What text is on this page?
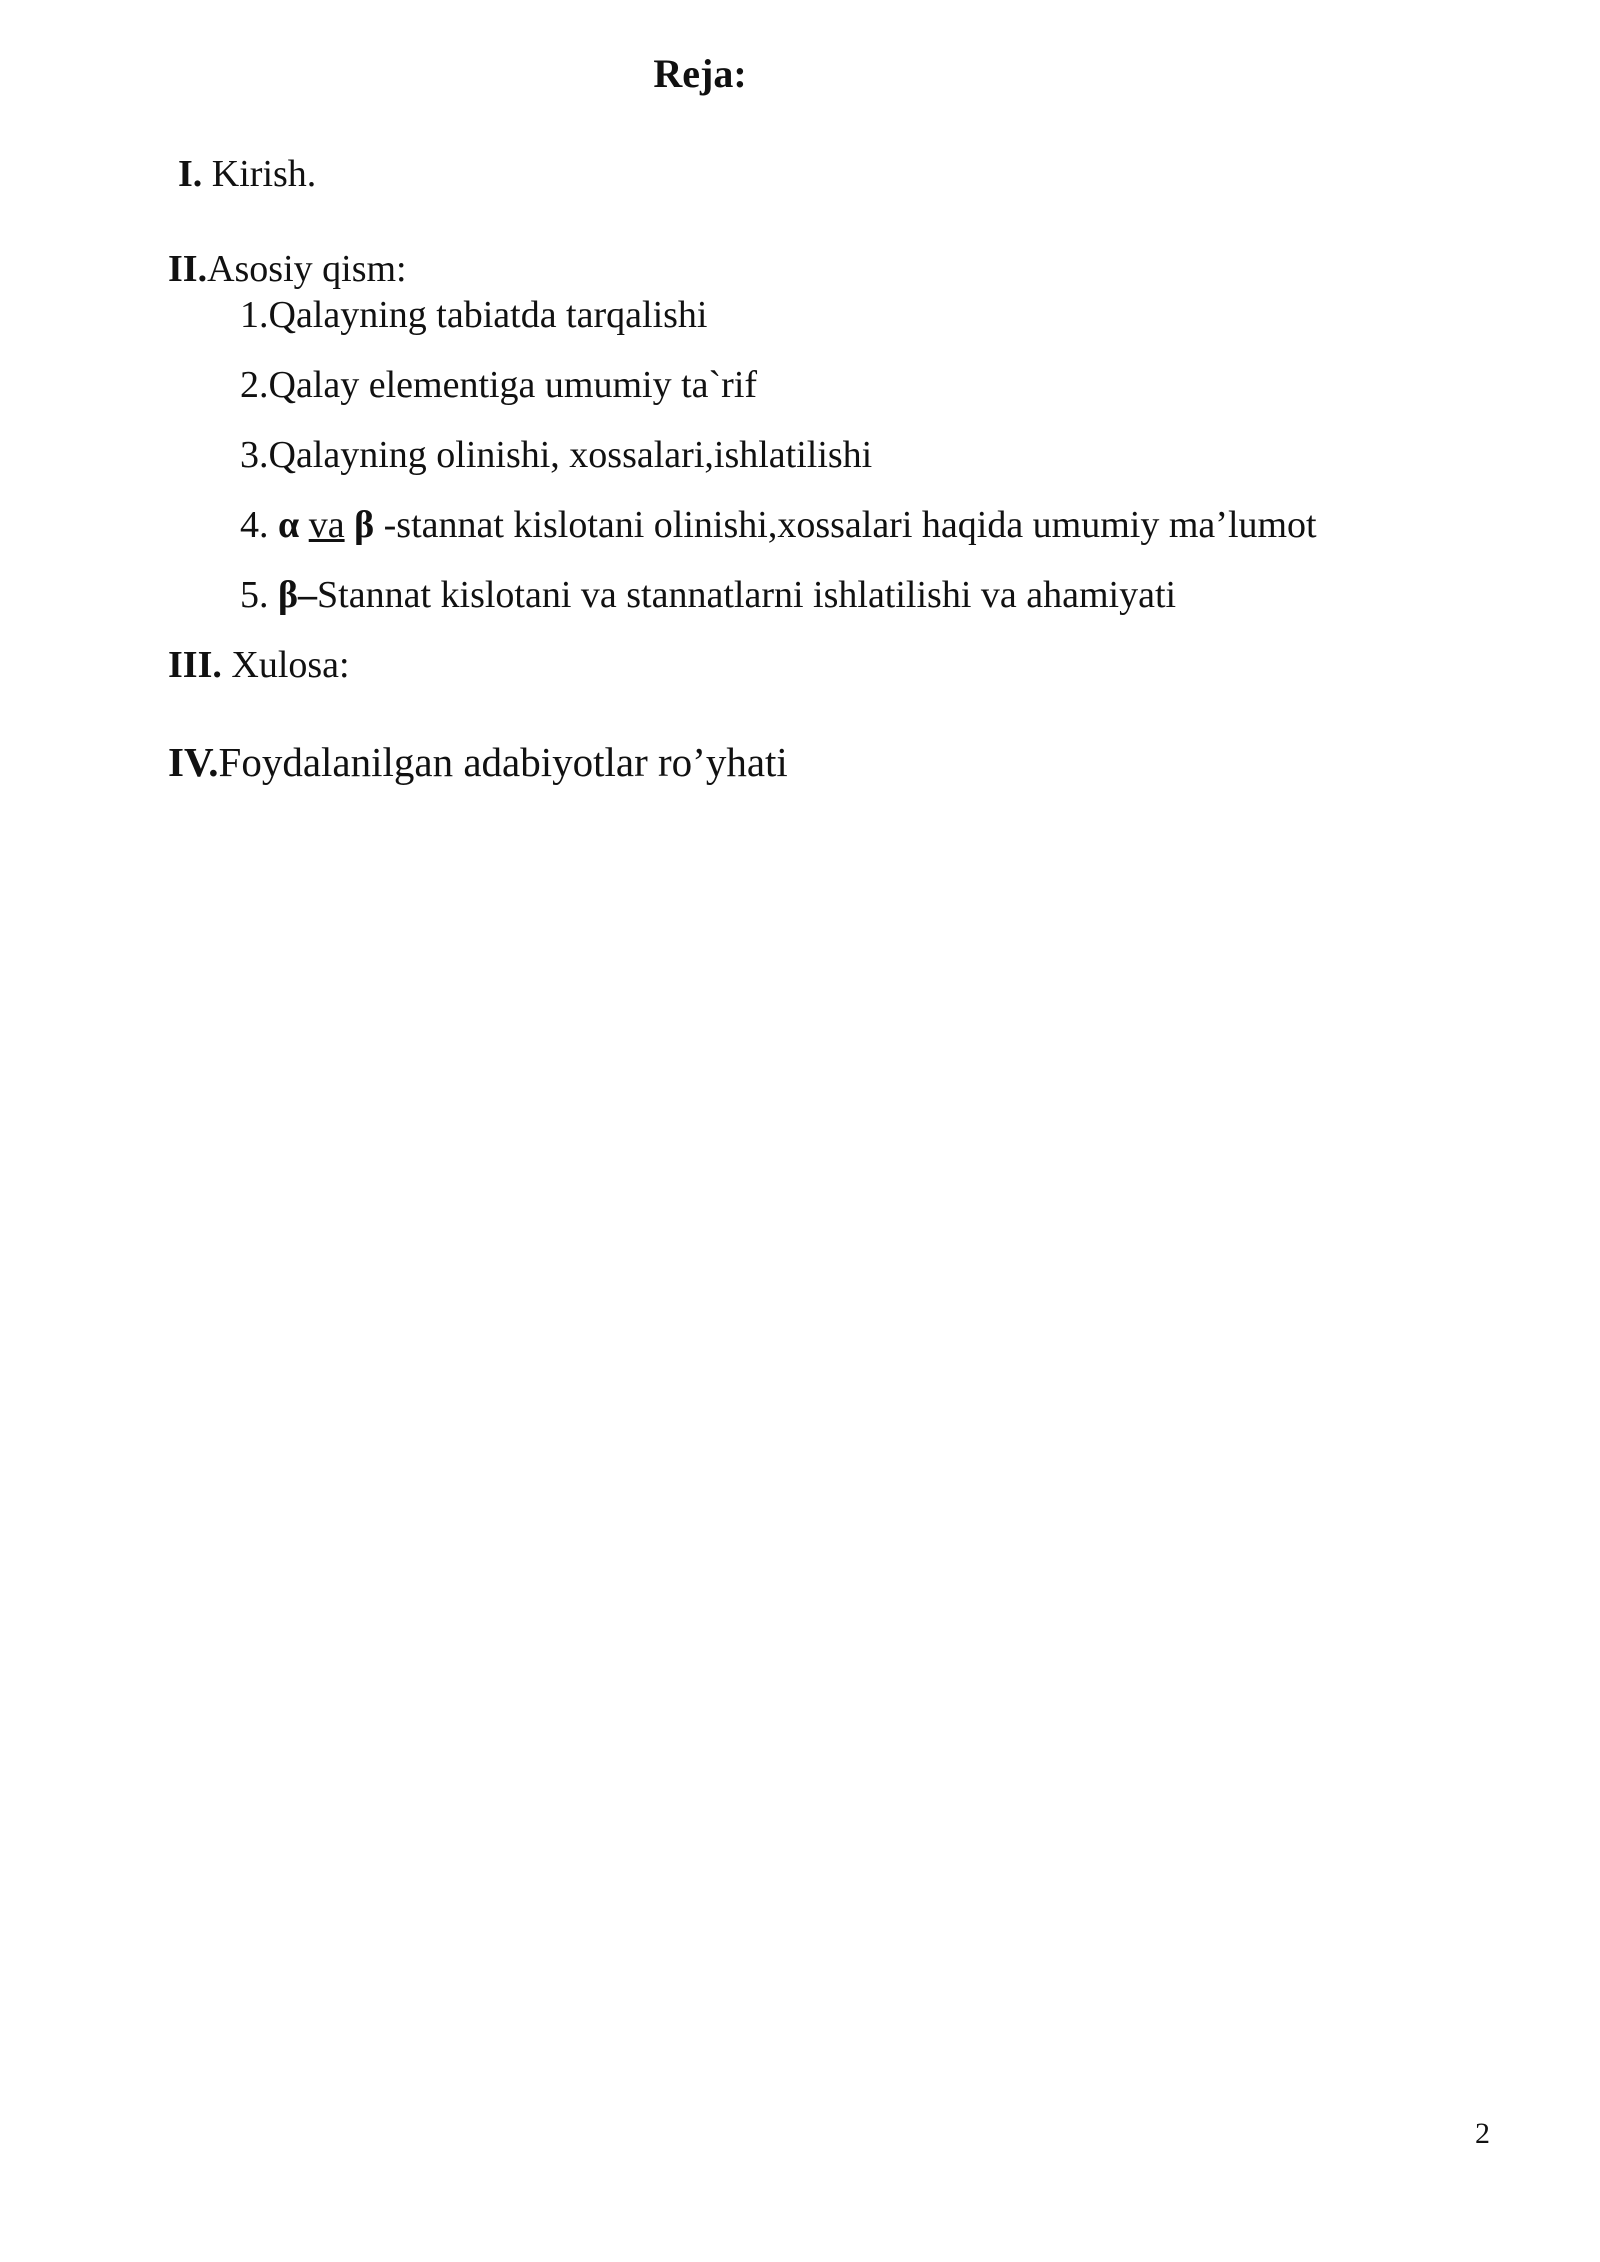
Reja:
I. Kirish.
II.Asosiy qism:
1.Qalayning tabiatda tarqalishi
2.Qalay elementiga umumiy ta`rif
3.Qalayning olinishi, xossalari,ishlatilishi
4. α va β -stannat kislotani olinishi,xossalari haqida umumiy ma’lumot
5. β–Stannat kislotani va stannatlarni ishlatilishi va ahamiyati
III. Xulosa:
IV.Foydalanilgan adabiyotlar ro’yhati
2
